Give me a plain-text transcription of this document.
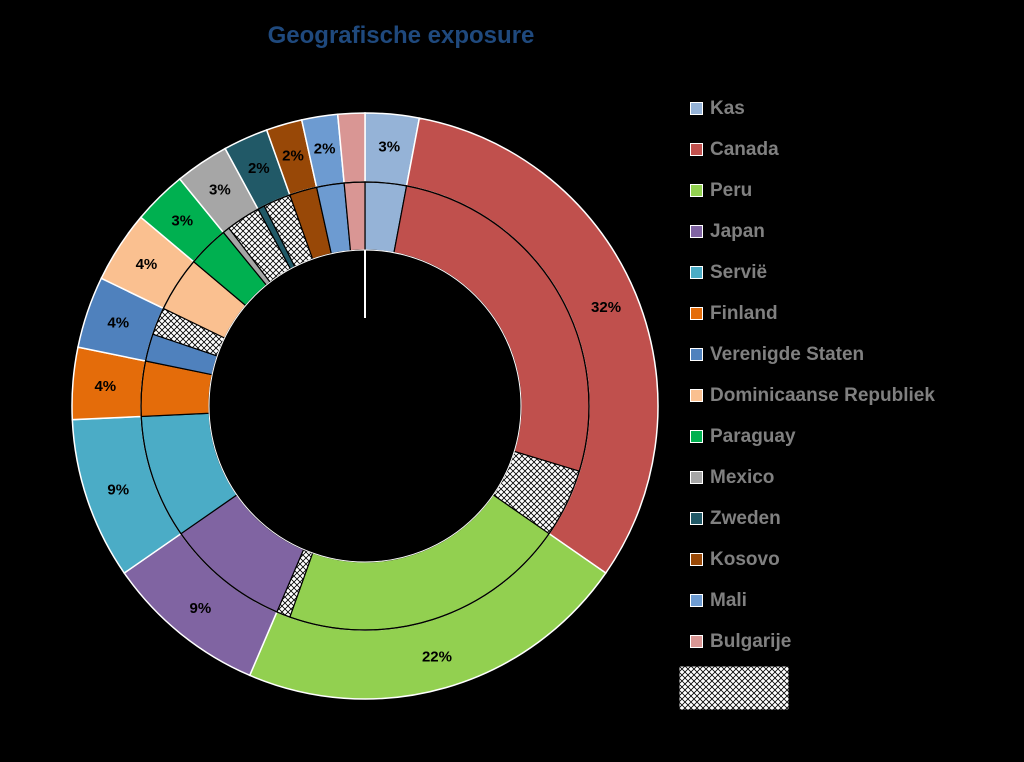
Geografische exposure
3%
32%
22%
9%
9%
4%
4%
4%
3%
3%
2%
2% 2%
Kas
Canada
Peru
Japan
Servië
Finland
Verenigde Staten
Dominicaanse Republiek
Paraguay
Mexico
Zweden
Kosovo
Mali
Bulgarije
